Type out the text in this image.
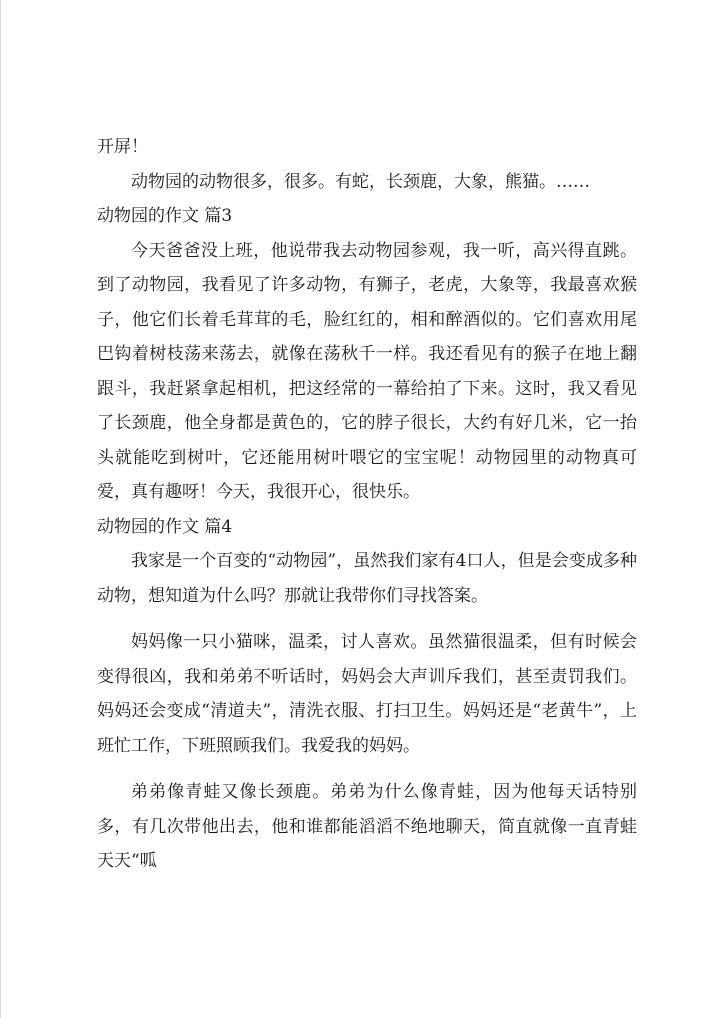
开屏！

动物园的动物很多，很多。有蛇，长颈鹿，大象，熊猫。……

动物园的作文 篇3

今天爸爸没上班，他说带我去动物园参观，我一听，高兴得直跳。到了动物园，我看见了许多动物，有狮子，老虎，大象等，我最喜欢猴子，他它们长着毛茸茸的毛，脸红红的，相和醉酒似的。它们喜欢用尾巴钩着树枝荡来荡去，就像在荡秋千一样。我还看见有的猴子在地上翻跟斗，我赶紧拿起相机，把这经常的一幕给拍了下来。这时，我又看见了长颈鹿，他全身都是黄色的，它的脖子很长，大约有好几米，它一抬头就能吃到树叶，它还能用树叶喂它的宝宝呢！动物园里的动物真可爱，真有趣呀！今天，我很开心，很快乐。

动物园的作文 篇4

我家是一个百变的“动物园”，虽然我们家有4口人，但是会变成多种动物，想知道为什么吗？那就让我带你们寻找答案。

妈妈像一只小猫咪，温柔，讨人喜欢。虽然猫很温柔，但有时候会变得很凶，我和弟弟不听话时，妈妈会大声训斥我们，甚至责罚我们。妈妈还会变成“清道夫”，清洗衣服、打扫卫生。妈妈还是“老黄牛”，上班忙工作，下班照顾我们。我爱我的妈妈。

弟弟像青蛙又像长颈鹿。弟弟为什么像青蛙，因为他每天话特别多，有几次带他出去，他和谁都能滔滔不绝地聊天，简直就像一直青蛙天天“呱
